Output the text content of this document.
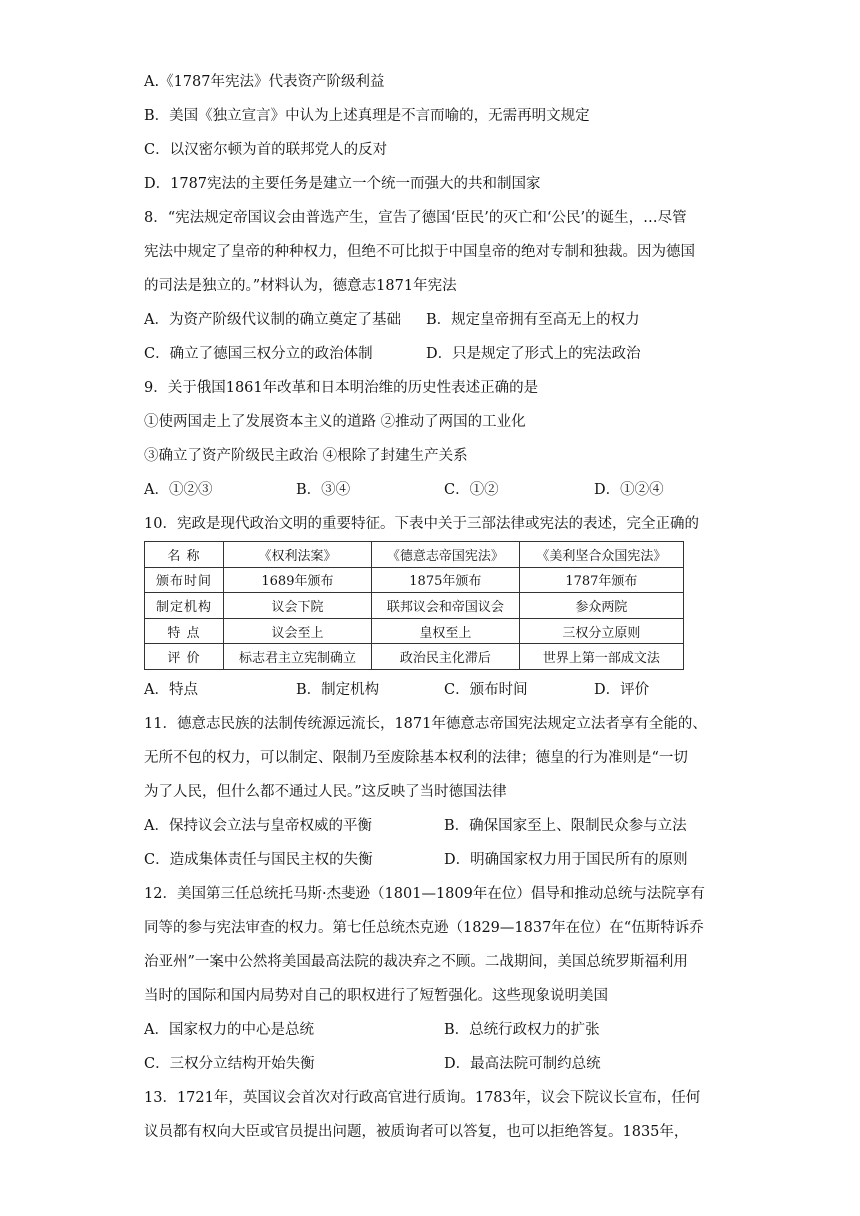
A.《1787年宪法》代表资产阶级利益
B．美国《独立宣言》中认为上述真理是不言而喻的，无需再明文规定
C．以汉密尔顿为首的联邦党人的反对
D．1787宪法的主要任务是建立一个统一而强大的共和制国家
8．“宪法规定帝国议会由普选产生，宣告了德国‘臣民’的灭亡和‘公民’的诞生，…尽管
宪法中规定了皇帝的种种权力，但绝不可比拟于中国皇帝的绝对专制和独裁。因为德国
的司法是独立的。”材料认为，德意志1871年宪法
A．为资产阶级代议制的确立奠定了基础 B．规定皇帝拥有至高无上的权力
C．确立了德国三权分立的政治体制	D．只是规定了形式上的宪法政治
9．关于俄国1861年改革和日本明治维的历史性表述正确的是
①使两国走上了发展资本主义的道路 ②推动了两国的工业化
③确立了资产阶级民主政治 ④根除了封建生产关系
A．①②③	B．③④	C．①②	D．①②④
10．宪政是现代政治文明的重要特征。下表中关于三部法律或宪法的表述，完全正确的
名 称	《权利法案》	《德意志帝国宪法》	《美利坚合众国宪法》
颁布时间	1689年颁布	1875年颁布	1787年颁布
制定机构	议会下院	联邦议会和帝国议会	参众两院
特 点	议会至上	皇权至上	三权分立原则
评 价	标志君主立宪制确立	政治民主化滞后	世界上第一部成文法
A．特点	B．制定机构	C．颁布时间	D．评价
11．德意志民族的法制传统源远流长，1871年德意志帝国宪法规定立法者享有全能的、
无所不包的权力，可以制定、限制乃至废除基本权利的法律；德皇的行为准则是“一切
为了人民，但什么都不通过人民。”这反映了当时德国法律
A．保持议会立法与皇帝权威的平衡	B．确保国家至上、限制民众参与立法
C．造成集体责任与国民主权的失衡	D．明确国家权力用于国民所有的原则
12．美国第三任总统托马斯·杰斐逊（1801—1809年在位）倡导和推动总统与法院享有
同等的参与宪法审查的权力。第七任总统杰克逊（1829—1837年在位）在“伍斯特诉乔
治亚州”一案中公然将美国最高法院的裁决弃之不顾。二战期间，美国总统罗斯福利用
当时的国际和国内局势对自己的职权进行了短暂强化。这些现象说明美国
A．国家权力的中心是总统	B．总统行政权力的扩张
C．三权分立结构开始失衡	D．最高法院可制约总统
13．1721年，英国议会首次对行政高官进行质询。1783年，议会下院议长宣布，任何
议员都有权向大臣或官员提出问题，被质询者可以答复，也可以拒绝答复。1835年，
